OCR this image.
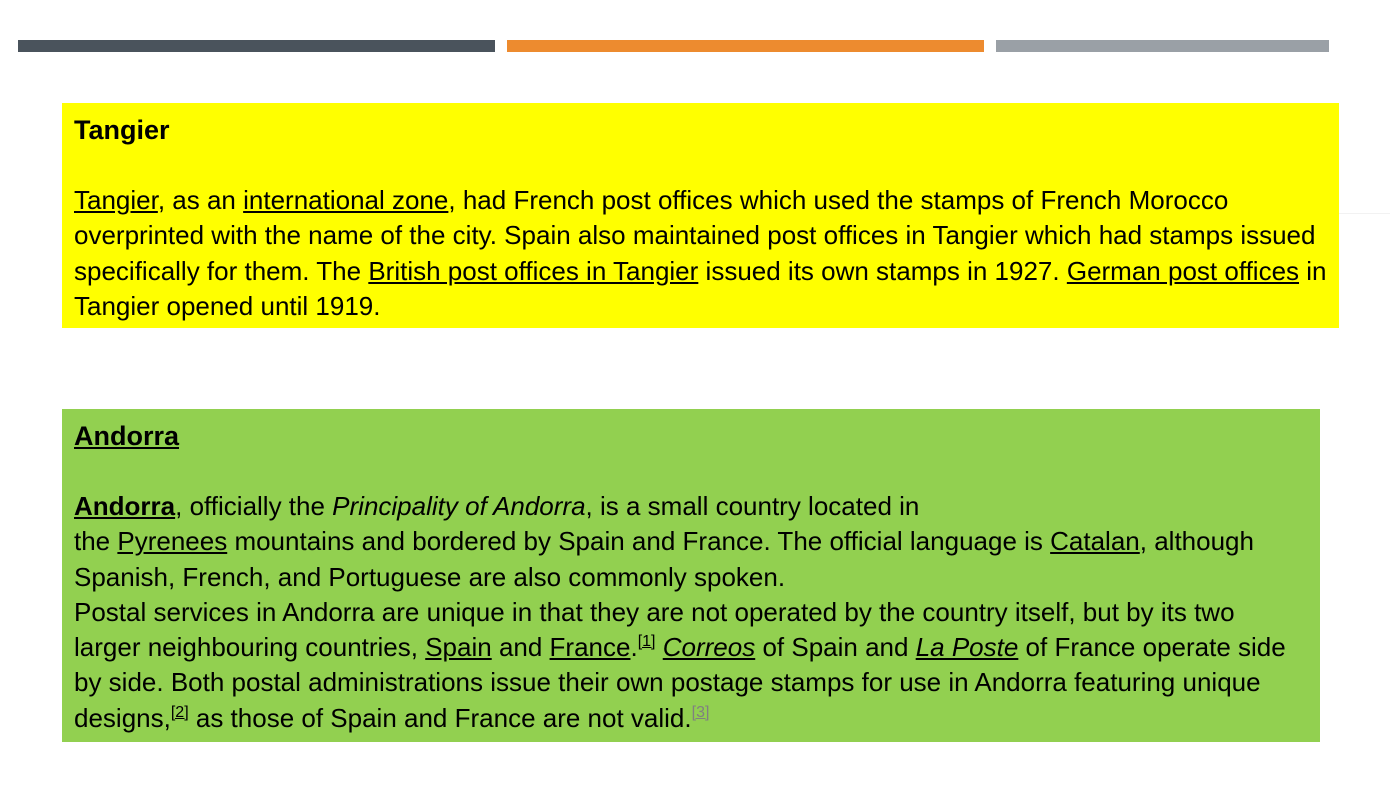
Tangier

Tangier, as an international zone, had French post offices which used the stamps of French Morocco overprinted with the name of the city. Spain also maintained post offices in Tangier which had stamps issued specifically for them. The British post offices in Tangier issued its own stamps in 1927. German post offices in Tangier opened until 1919.

Andorra

Andorra, officially the Principality of Andorra, is a small country located in
the Pyrenees mountains and bordered by Spain and France. The official language is Catalan, although Spanish, French, and Portuguese are also commonly spoken.
Postal services in Andorra are unique in that they are not operated by the country itself, but by its two larger neighbouring countries, Spain and France.[1] Correos of Spain and La Poste of France operate side by side. Both postal administrations issue their own postage stamps for use in Andorra featuring unique designs,[2] as those of Spain and France are not valid.[3]
